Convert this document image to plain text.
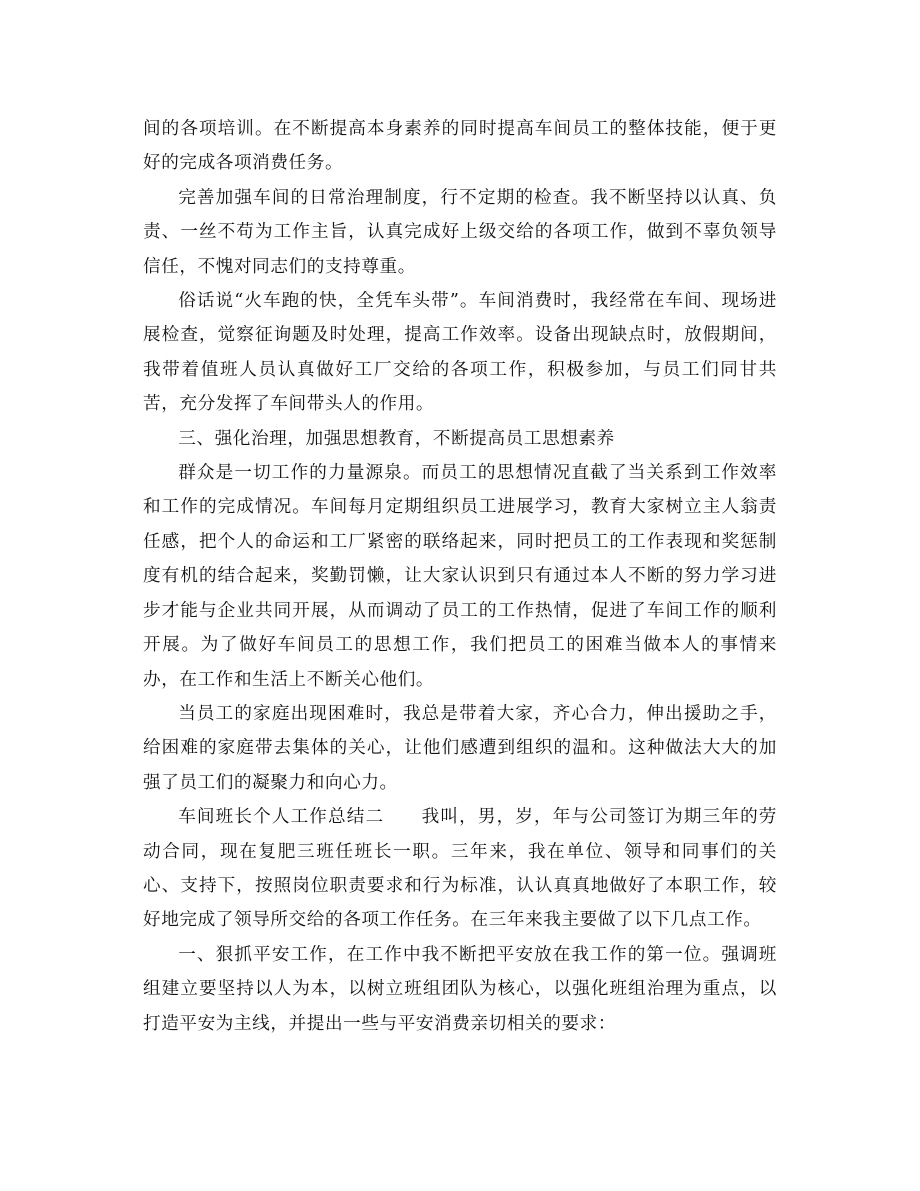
间的各项培训。在不断提高本身素养的同时提高车间员工的整体技能，便于更好的完成各项消费任务。

完善加强车间的日常治理制度，行不定期的检查。我不断坚持以认真、负责、一丝不苟为工作主旨，认真完成好上级交给的各项工作，做到不辜负领导信任，不愧对同志们的支持尊重。

俗话说“火车跑的快，全凭车头带”。车间消费时，我经常在车间、现场进展检查，觉察征询题及时处理，提高工作效率。设备出现缺点时，放假期间，我带着值班人员认真做好工厂交给的各项工作，积极参加，与员工们同甘共苦，充分发挥了车间带头人的作用。

三、强化治理，加强思想教育，不断提高员工思想素养

群众是一切工作的力量源泉。而员工的思想情况直截了当关系到工作效率和工作的完成情况。车间每月定期组织员工进展学习，教育大家树立主人翁责任感，把个人的命运和工厂紧密的联络起来，同时把员工的工作表现和奖惩制度有机的结合起来，奖勤罚懒，让大家认识到只有通过本人不断的努力学习进步才能与企业共同开展，从而调动了员工的工作热情，促进了车间工作的顺利开展。为了做好车间员工的思想工作，我们把员工的困难当做本人的事情来办，在工作和生活上不断关心他们。

当员工的家庭出现困难时，我总是带着大家，齐心合力，伸出援助之手，给困难的家庭带去集体的关心，让他们感遭到组织的温和。这种做法大大的加强了员工们的凝聚力和向心力。

车间班长个人工作总结二　　我叫，男，岁，年与公司签订为期三年的劳动合同，现在复肥三班任班长一职。三年来，我在单位、领导和同事们的关心、支持下，按照岗位职责要求和行为标准，认认真真地做好了本职工作，较好地完成了领导所交给的各项工作任务。在三年来我主要做了以下几点工作。

一、狠抓平安工作，在工作中我不断把平安放在我工作的第一位。强调班组建立要坚持以人为本，以树立班组团队为核心，以强化班组治理为重点，以打造平安为主线，并提出一些与平安消费亲切相关的要求：
